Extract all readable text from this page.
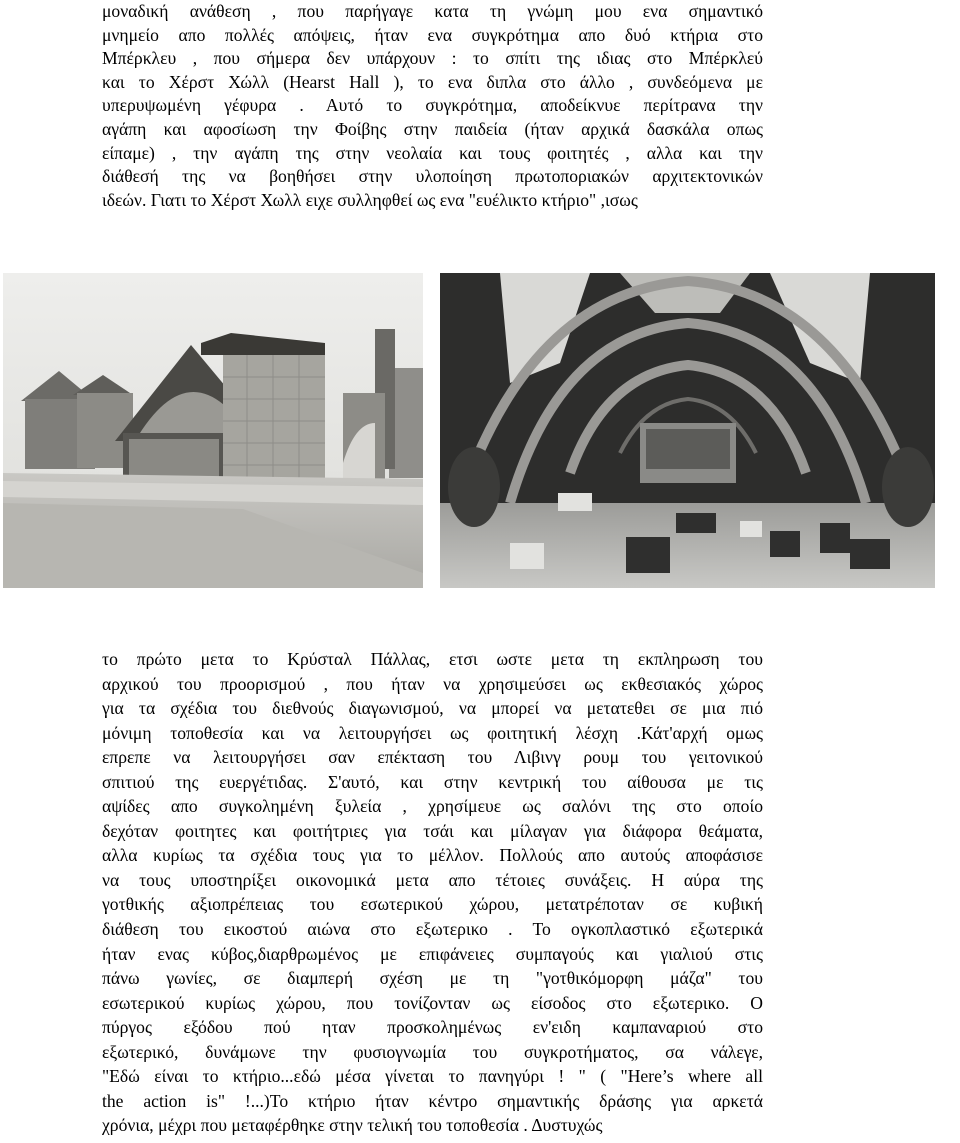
μοναδική ανάθεση , που παρήγαγε κατα τη γνώμη μου ενα σημαντικό
μνημείο απο πολλές απόψεις, ήταν ενα συγκρότημα απο δυό κτήρια στο
Μπέρκλευ , που σήμερα δεν υπάρχουν : το σπίτι της ιδιας στο Μπέρκλεύ
και το Χέρστ Χώλλ (Hearst Hall ), το ενα διπλα στο άλλο , συνδεόμενα με
υπερυψωμένη γέφυρα . Αυτό το συγκρότημα, αποδείκνυε περίτρανα την
αγάπη και αφοσίωση την Φοίβης στην παιδεία (ήταν αρχικά δασκάλα οπως
είπαμε) , την αγάπη της στην νεολαία και τους φοιτητές , αλλα και την
διάθεσή της να βοηθήσει στην υλοποίηση πρωτοποριακών αρχιτεκτονικών
ιδεών. Γιατι το Χέρστ Χωλλ ειχε συλληφθεί ως ενα "ευέλικτο κτήριο" ,ισως
το πρώτο μετα το Κρύσταλ Πάλλας, ετσι ωστε μετα τη εκπληρωση του
αρχικού του προορισμού , που ήταν να χρησιμεύσει ως εκθεσιακός χώρος
για τα σχέδια του διεθνούς διαγωνισμού, να μπορεί να μετατεθει σε μια πιό
μόνιμη τοποθεσία και να λειτουργήσει ως φοιτητική λέσχη .Κάτ'αρχή ομως
επρεπε να λειτουργήσει σαν επέκταση του Λιβινγ ρουμ του γειτονικού
σπιτιού της ευεργέτιδας. Σ'αυτό, και στην κεντρική του αίθουσα με τις
αψίδες απο συγκολημένη ξυλεία , χρησίμευε ως σαλόνι της στο οποίο
δεχόταν φοιτητες και φοιτήτριες για τσάι και μίλαγαν για διάφορα θεάματα,
αλλα κυρίως τα σχέδια τους για το μέλλον. Πολλούς απο αυτούς αποφάσισε
να τους υποστηρίξει οικονομικά μετα απο τέτοιες συνάξεις. Η αύρα της
γοτθικής αξιοπρέπειας του εσωτερικού χώρου, μετατρέποταν σε κυβική
διάθεση του εικοστού αιώνα στο εξωτερικο . Το ογκοπλαστικό εξωτερικά
ήταν ενας κύβος,διαρθρωμένος με επιφάνειες συμπαγούς και γιαλιού στις
πάνω γωνίες, σε διαμπερή σχέση με τη "γοτθικόμορφη μάζα" του
εσωτερικού κυρίως χώρου, που τονίζονταν ως είσοδος στο εξωτερικο. Ο
πύργος εξόδου πού ηταν προσκολημένως εν'ειδη καμπαναριού στο
εξωτερικό, δυνάμωνε την φυσιογνωμία του συγκροτήματος, σα νάλεγε,
"Εδώ είναι το κτήριο...εδώ μέσα γίνεται το πανηγύρι ! " ( "Here’s where all
the action is" !...)Το κτήριο ήταν κέντρο σημαντικής δράσης για αρκετά
χρόνια, μέχρι που μεταφέρθηκε στην τελική του τοποθεσία . Δυστυχώς
